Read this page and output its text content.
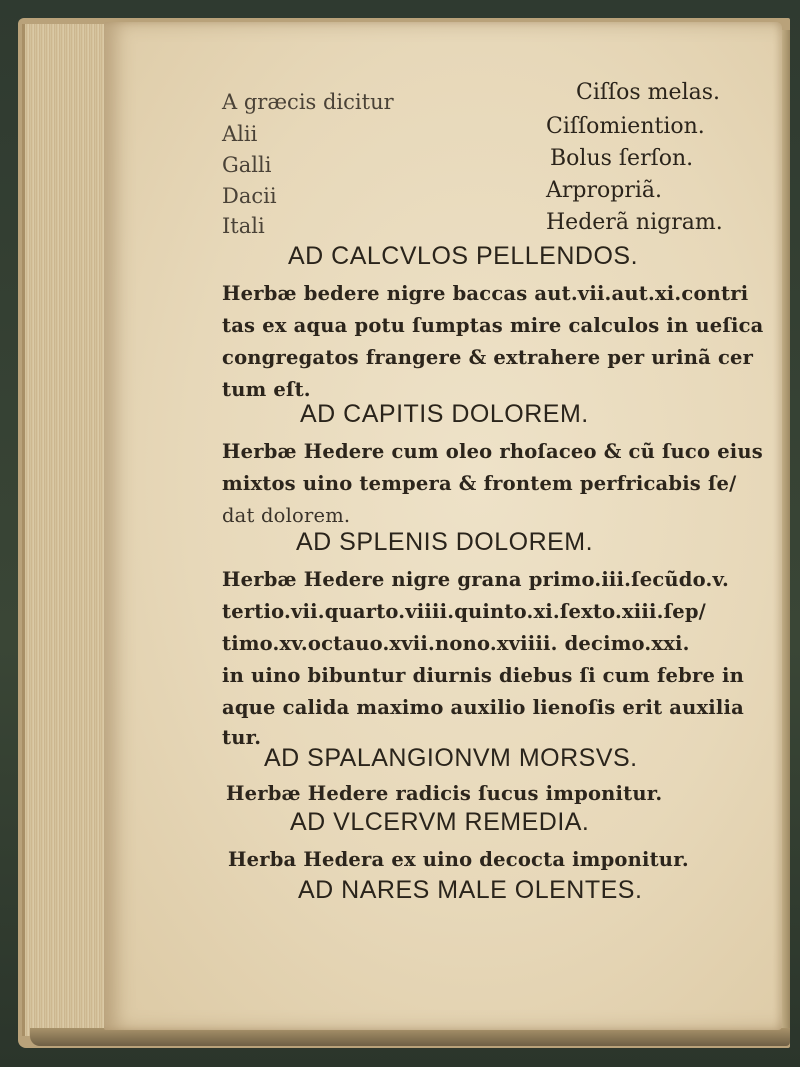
A græcis dicitur	Ciſſos melas.
Alii	Ciſſomiention.
Galli	Bolus ſerſon.
Dacii	Arpropriã.
Itali	Hederã nigram.
AD CALCVLOS PELLENDOS.
Herbæ bedere nigre baccas aut.vii.aut.xi.contri
tas ex aqua potu ſumptas mire calculos in ueſica
congregatos frangere & extrahere per urinã cer
tum eſt.
AD CAPITIS DOLOREM.
Herbæ Hedere cum oleo rhoſaceo & cũ ſuco eius
mixtos uino tempera & frontem perfricabis ſe/
dat dolorem.
AD SPLENIS DOLOREM.
Herbæ Hedere nigre grana primo.iii.ſecũdo.v.
tertio.vii.quarto.viiii.quinto.xi.ſexto.xiii.ſep/
timo.xv.octauo.xvii.nono.xviiii. decimo.xxi.
in uino bibuntur diurnis diebus ſi cum febre in
aque calida maximo auxilio lienoſis erit auxilia
tur.
AD SPALANGIONVM MORSVS.
Herbæ Hedere radicis ſucus imponitur.
AD VLCERVM REMEDIA.
Herba Hedera ex uino decocta imponitur.
AD NARES MALE OLENTES.
